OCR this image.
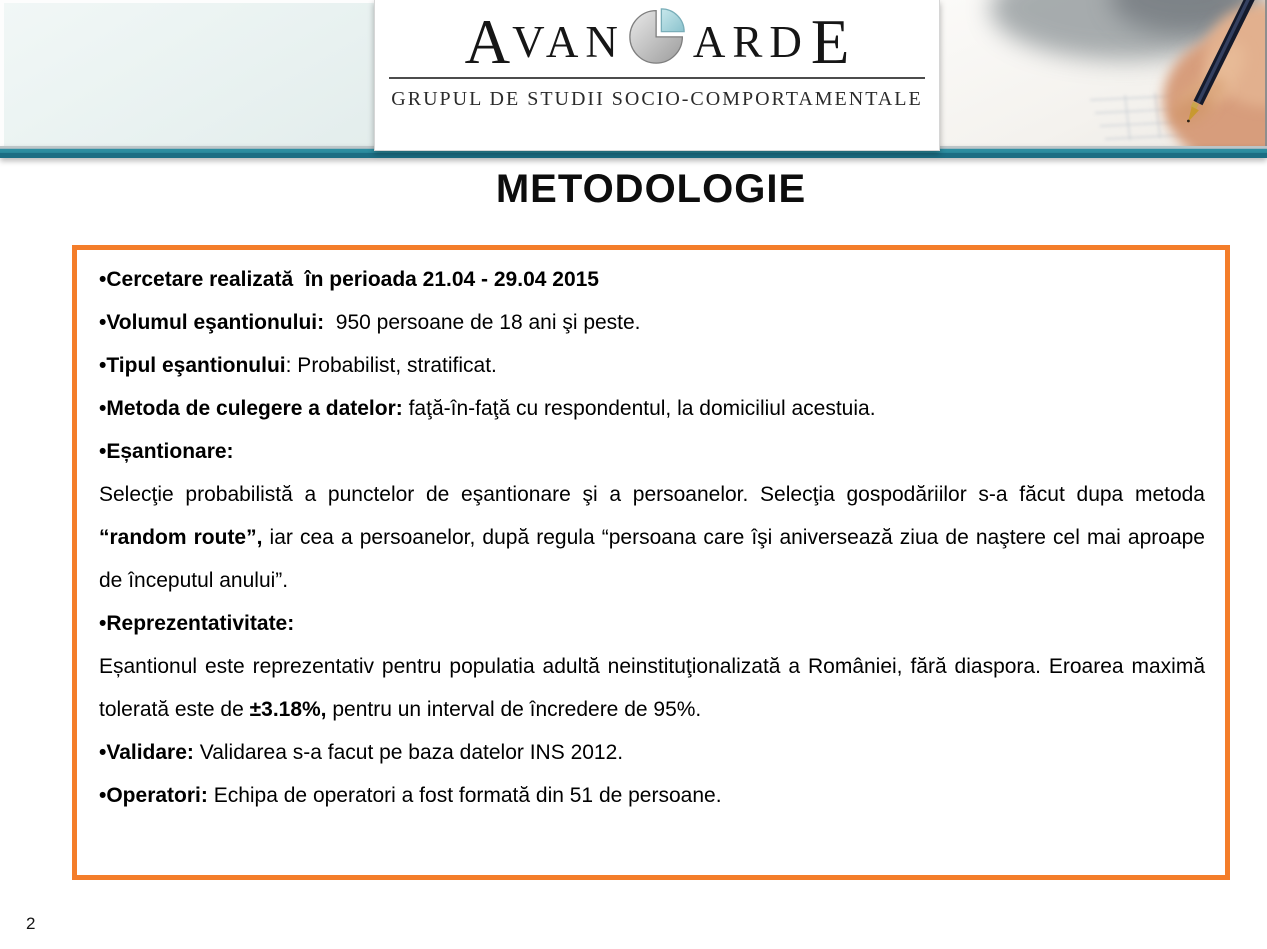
A VAN ARD E
GRUPUL DE STUDII SOCIO-COMPORTAMENTALE
METODOLOGIE

•Cercetare realizată  în perioada 21.04 - 29.04 2015

•Volumul eşantionului:  950 persoane de 18 ani şi peste.

•Tipul eşantionului: Probabilist, stratificat.

•Metoda de culegere a datelor: faţă-în-faţă cu respondentul, la domiciliul acestuia.

•Eșantionare:

Selecţie probabilistă a punctelor de eşantionare şi a persoanelor. Selecţia gospodăriilor s-a făcut dupa metoda “random route”, iar cea a persoanelor, după regula “persoana care îşi aniversează ziua de naştere cel mai aproape de începutul anului”.

•Reprezentativitate:

Eșantionul este reprezentativ pentru populatia adultă neinstituţionalizată a României, fără diaspora. Eroarea maximă tolerată este de ±3.18%, pentru un interval de încredere de 95%.

•Validare: Validarea s-a facut pe baza datelor INS 2012.

•Operatori: Echipa de operatori a fost formată din 51 de persoane.

2
